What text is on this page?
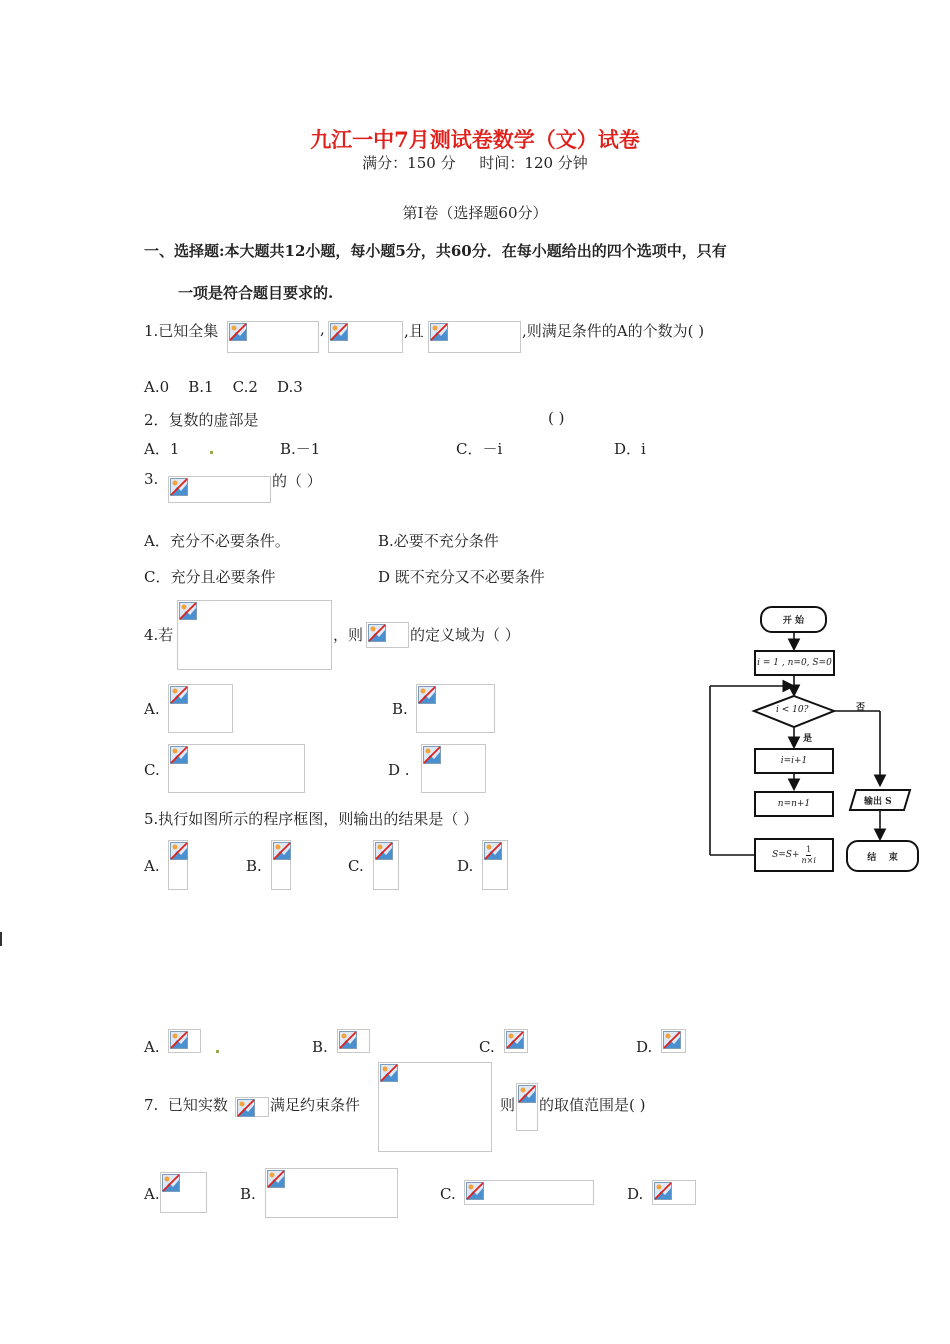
九江一中7月测试卷数学（文）试卷
满分：150 分     时间：120 分钟
第Ⅰ卷（选择题60分）
一、选择题:本大题共12小题，每小题5分，共60分．在每小题给出的四个选项中，只有
一项是符合题目要求的.
1.已知全集	,	,且	,则满足条件的A的个数为( )
A.0    B.1    C.2    D.3
2．复数的虚部是	( )
A．1	B.－1	C．－i	D．i
3.	的（ ）
A．充分不必要条件。	B.必要不充分条件
C．充分且必要条件	D 既不充分又不必要条件
4.若	，则	的定义域为（ ）
A.	B.
C.	D .
5.执行如图所示的程序框图，则输出的结果是（ ）
A.	B.	C.	D.
A.	B.	C.	D.
7.  已知实数	满足约束条件	则 的取值范围是( )
A.	B.	C.	D.
开 始
i = 1 , n=0, S=0
i < 10?	否
是
i=i+1
n=n+1
$S=S+ \frac{1}{n\times i}$
输出 S
结    束
